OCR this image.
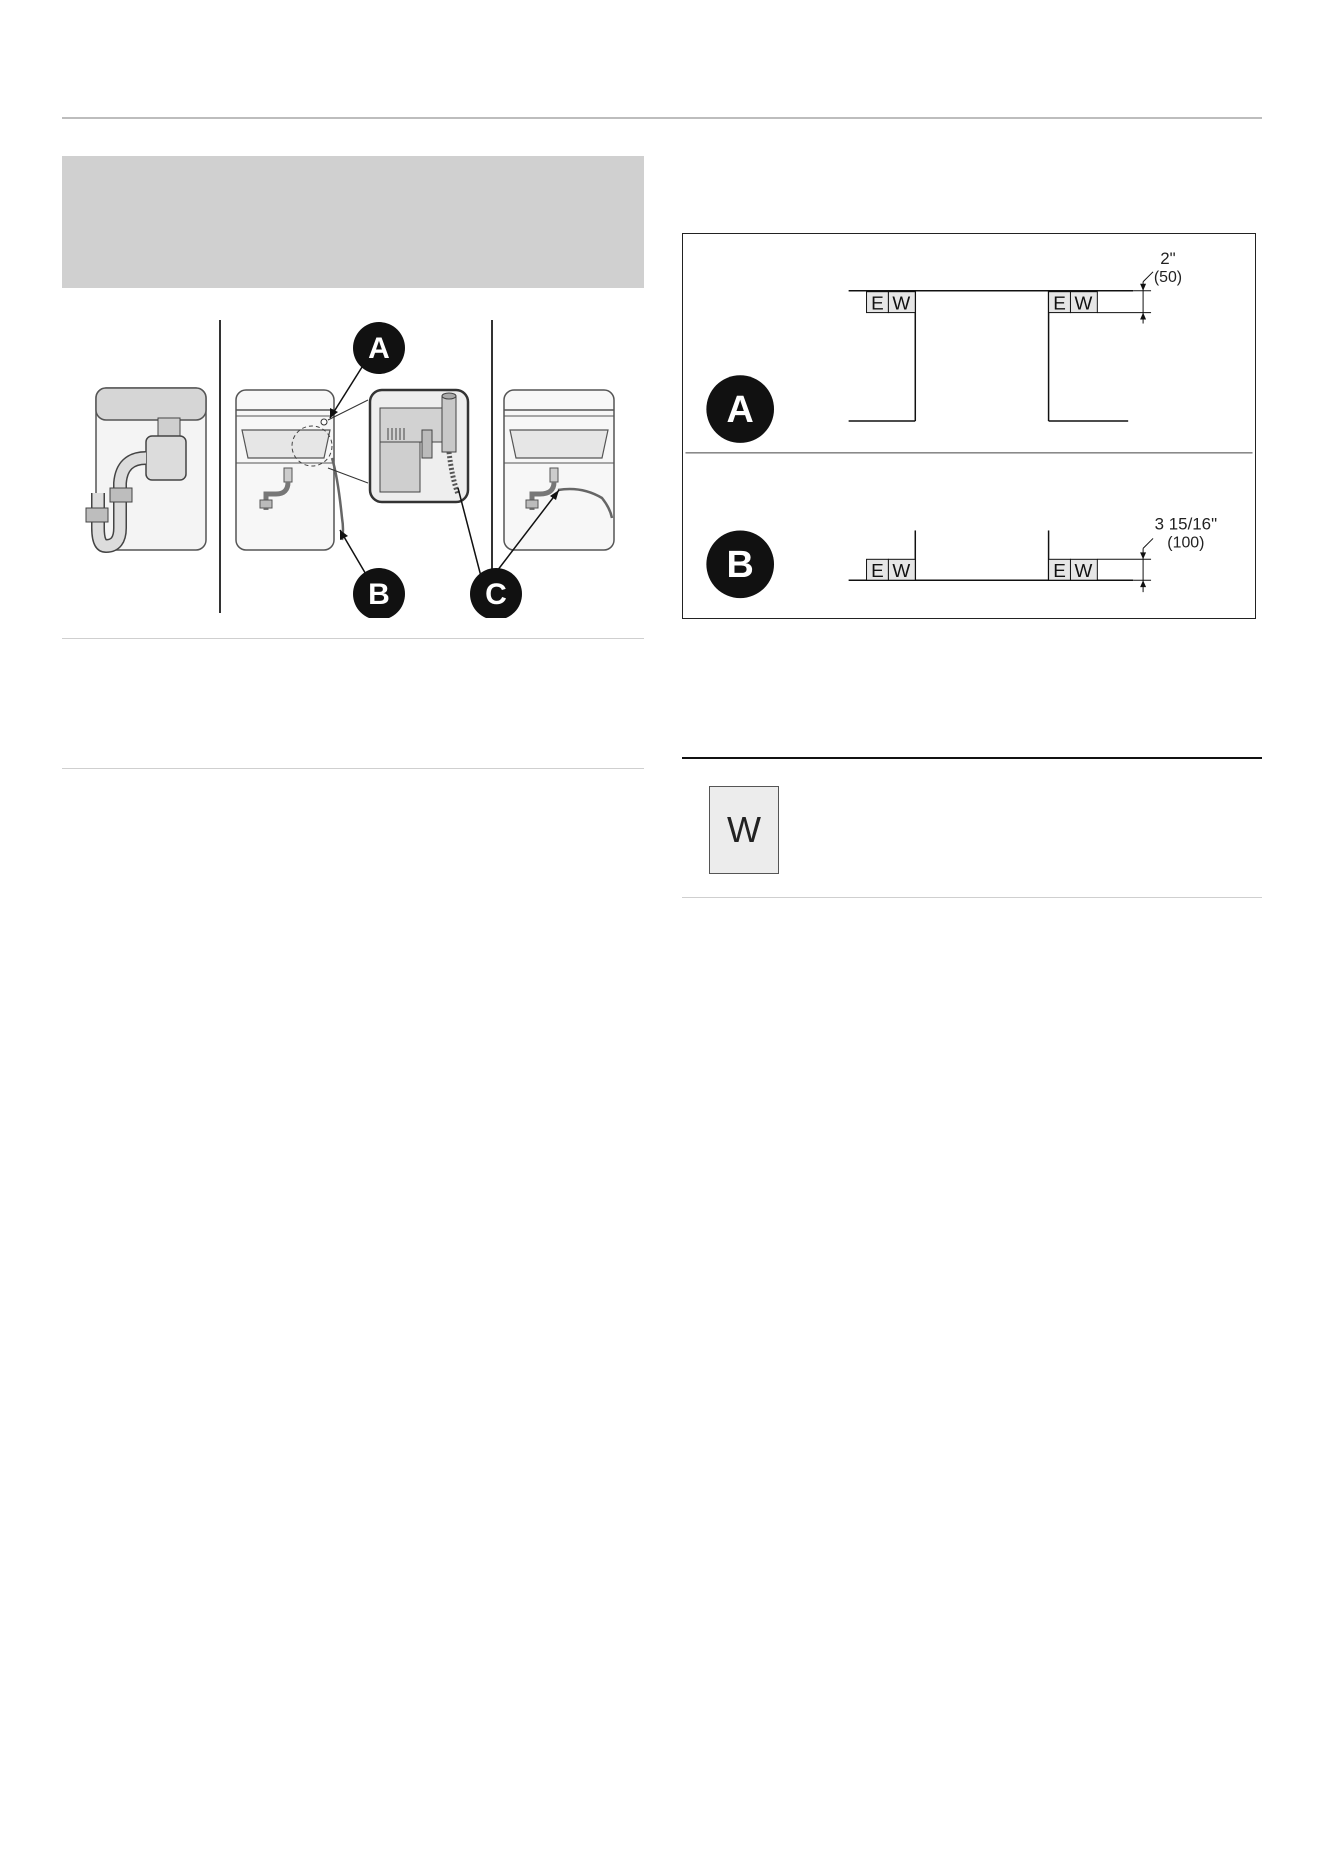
A
B	C
A
E W	E W
2"
(50)
B	E W	E W
3 15/16"
(100)
W
